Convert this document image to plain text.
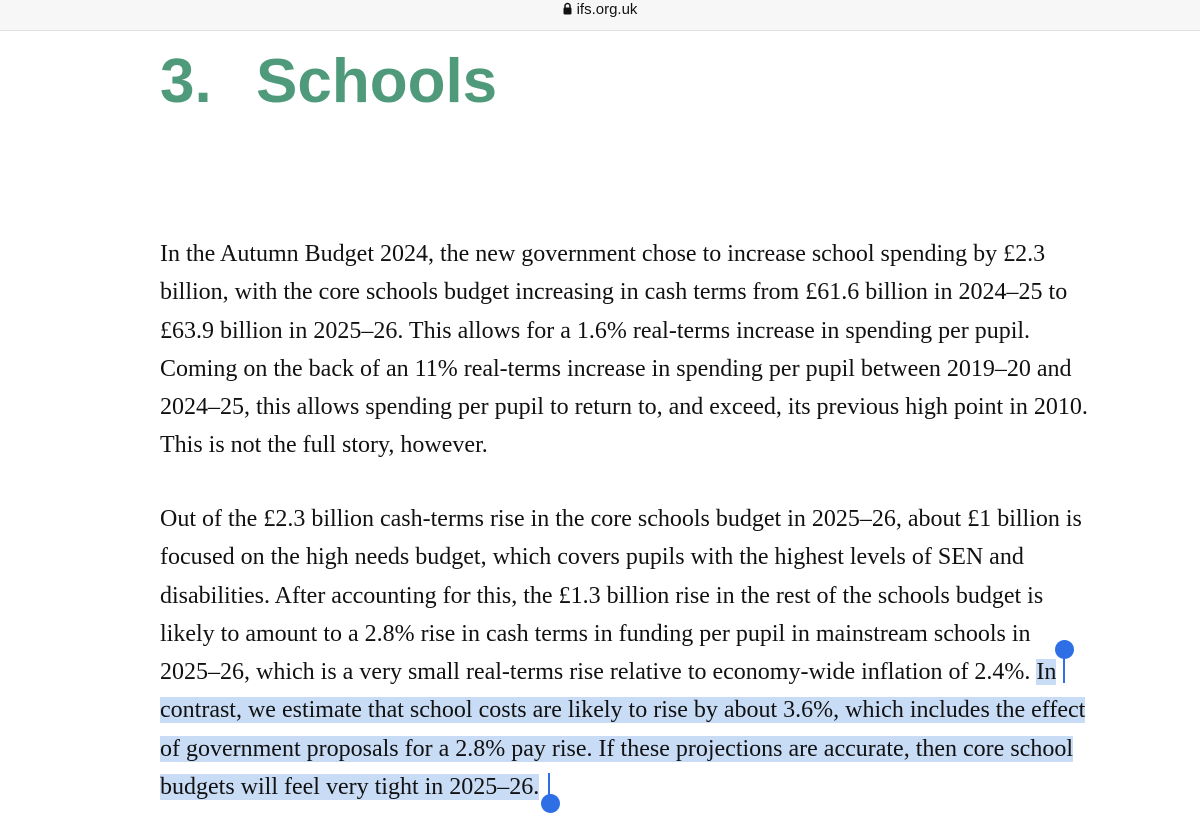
ifs.org.uk
3. Schools

In the Autumn Budget 2024, the new government chose to increase school spending by £2.3
billion, with the core schools budget increasing in cash terms from £61.6 billion in 2024–25 to
£63.9 billion in 2025–26. This allows for a 1.6% real-terms increase in spending per pupil.
Coming on the back of an 11% real-terms increase in spending per pupil between 2019–20 and
2024–25, this allows spending per pupil to return to, and exceed, its previous high point in 2010.
This is not the full story, however.

Out of the £2.3 billion cash-terms rise in the core schools budget in 2025–26, about £1 billion is
focused on the high needs budget, which covers pupils with the highest levels of SEN and
disabilities. After accounting for this, the £1.3 billion rise in the rest of the schools budget is
likely to amount to a 2.8% rise in cash terms in funding per pupil in mainstream schools in
2025–26, which is a very small real-terms rise relative to economy-wide inflation of 2.4%. In
contrast, we estimate that school costs are likely to rise by about 3.6%, which includes the effect
of government proposals for a 2.8% pay rise. If these projections are accurate, then core school
budgets will feel very tight in 2025–26.
